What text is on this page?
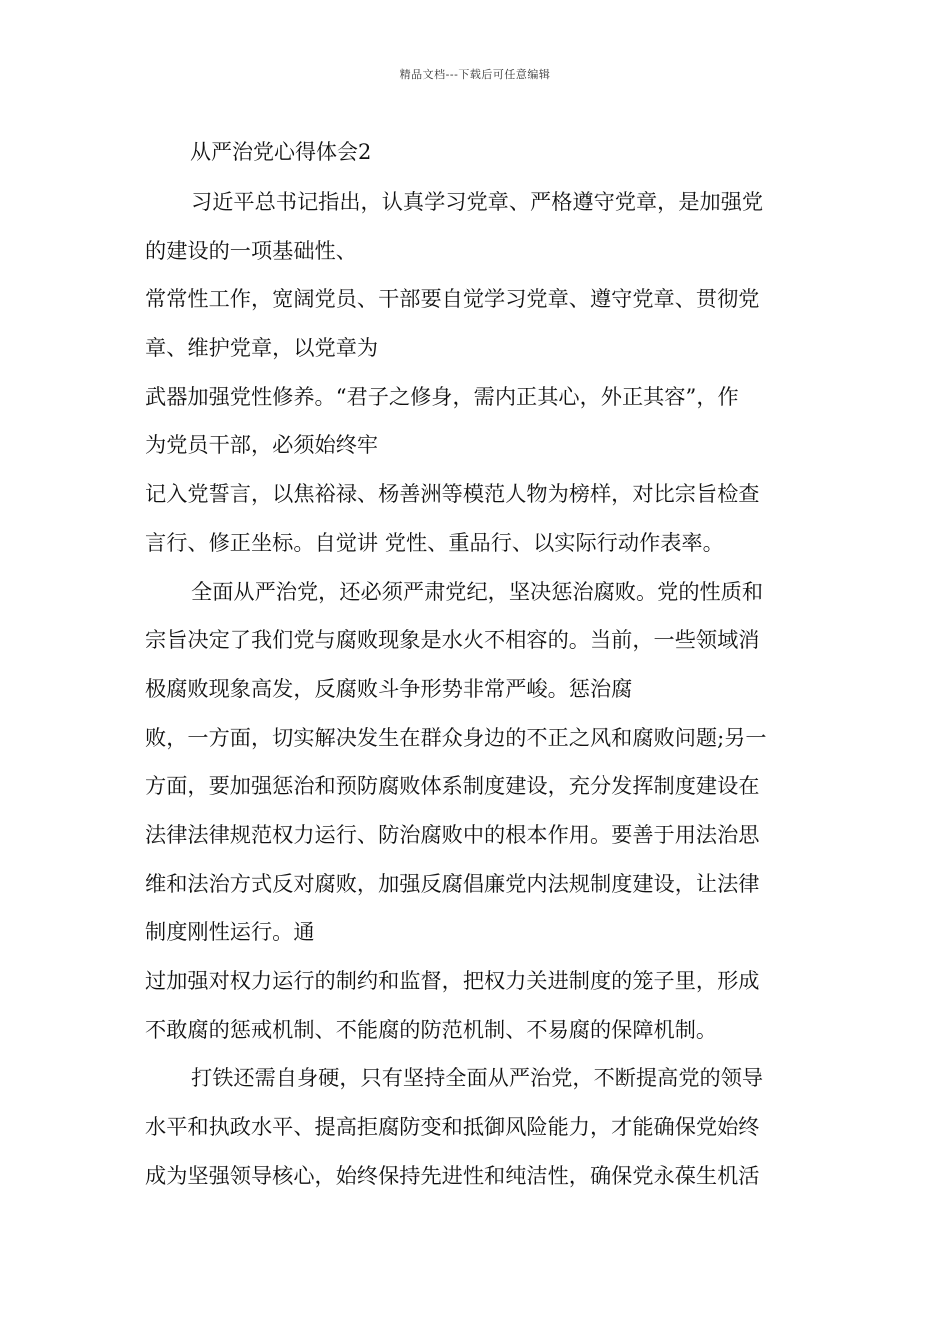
精品文档---下载后可任意编辑
从严治党心得体会2
习近平总书记指出，认真学习党章、严格遵守党章，是加强党
的建设的一项基础性、
常常性工作，宽阔党员、干部要自觉学习党章、遵守党章、贯彻党
章、维护党章，以党章为
武器加强党性修养。“君子之修身，需内正其心，外正其容”，作
为党员干部，必须始终牢
记入党誓言，以焦裕禄、杨善洲等模范人物为榜样，对比宗旨检查
言行、修正坐标。自觉讲 党性、重品行、以实际行动作表率。
全面从严治党，还必须严肃党纪，坚决惩治腐败。党的性质和
宗旨决定了我们党与腐败现象是水火不相容的。当前，一些领域消
极腐败现象高发，反腐败斗争形势非常严峻。惩治腐
败，一方面，切实解决发生在群众身边的不正之风和腐败问题;另一
方面，要加强惩治和预防腐败体系制度建设，充分发挥制度建设在
法律法律规范权力运行、防治腐败中的根本作用。要善于用法治思
维和法治方式反对腐败，加强反腐倡廉党内法规制度建设，让法律
制度刚性运行。通
过加强对权力运行的制约和监督，把权力关进制度的笼子里，形成
不敢腐的惩戒机制、不能腐的防范机制、不易腐的保障机制。
打铁还需自身硬，只有坚持全面从严治党，不断提高党的领导
水平和执政水平、提高拒腐防变和抵御风险能力，才能确保党始终
成为坚强领导核心，始终保持先进性和纯洁性，确保党永葆生机活
